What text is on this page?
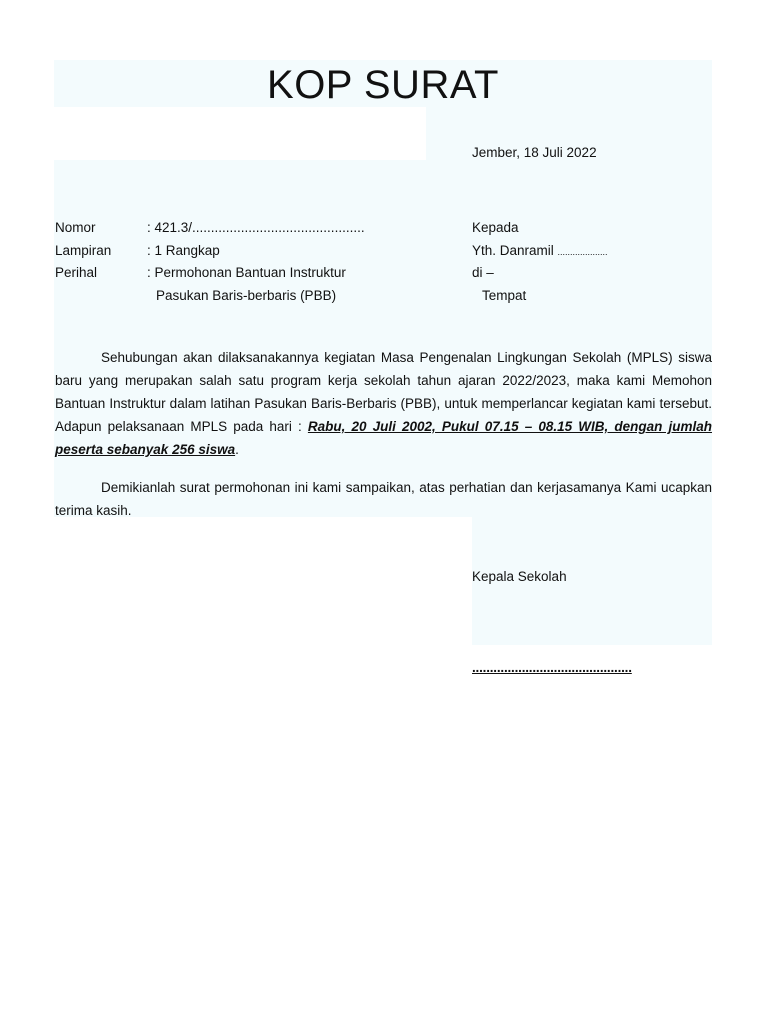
KOP SURAT
Jember, 18 Juli 2022
Nomor	: 421.3/..............................................
Lampiran	: 1 Rangkap
Perihal	: Permohonan Bantuan Instruktur
Pasukan Baris-berbaris (PBB)
Kepada
Yth. Danramil ....................
di –
Tempat
Sehubungan akan dilaksanakannya kegiatan Masa Pengenalan Lingkungan Sekolah (MPLS) siswa baru yang merupakan salah satu program kerja sekolah tahun ajaran 2022/2023, maka kami Memohon Bantuan Instruktur dalam latihan Pasukan Baris-Berbaris (PBB), untuk memperlancar kegiatan kami tersebut. Adapun pelaksanaan MPLS pada hari : Rabu, 20 Juli 2002, Pukul 07.15 – 08.15 WIB, dengan jumlah peserta sebanyak 256 siswa.
Demikianlah surat permohonan ini kami sampaikan, atas perhatian dan kerjasamanya Kami ucapkan terima kasih.
Kepala Sekolah
.............................................
